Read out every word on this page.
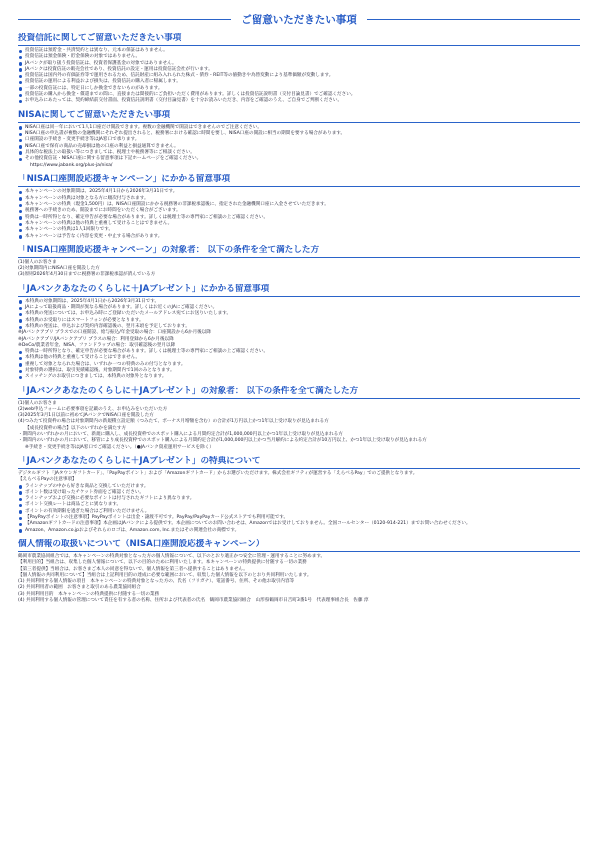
ご留意いただきたい事項
投資信託に関してご留意いただきたい事項
投資信託は預貯金・共済契約とは異なり、元本の保証はありません。
投資信託は預金保険・貯金保険の対象ではありません。
JAバンクが取り扱う投資信託は、投資者保護基金の対象ではありません。
JAバンクは投資信託の販売会社であり、投資信託の設定・運用は投資信託会社が行います。
投資信託は国内外の有価証券等で運用されるため、信託財産に組み入れられた株式・債券・REIT等の値動きや為替変動により基準価額が変動します。
投資信託の運用による利益および損失は、投資信託の購入者に帰属します。
一部の投資信託には、特定日にしか換金できないものがあります。
投資信託の購入から換金・償還までの間に、直接または間接的にご負担いただく費用があります。詳しくは投資信託説明書（交付目論見書）でご確認ください。
お申込みにあたっては、契約締結前交付書面、投資信託説明書（交付目論見書）を十分お読みいただき、内容をご確認のうえ、ご自身でご判断ください。
NISAに関してご留意いただきたい事項
NISA口座は同一年において1人1口座だけ開設できます。複数の金融機関で開設はできませんのでご注意ください。
NISA口座の申込書が複数の金融機関にそれぞれ提出されると、税務署における確認に時間を要し、NISA口座の開設に相当の期間を要する場合があります。
口座開設の手続き・変更手続き等はJA窓口で承ります。
NISA口座で保有の商品の売却損は他の口座の利益と損益通算できません。
具体的な税法上の取扱い等につきましては、税理士や税務署等にご相談ください。
その他投資信託・NISA口座に関する留意事項は下記ホームページをご確認ください。
https://www.jabank.org/plus-ja/nisa/
「NISA口座開設応援キャンペーン」にかかる留意事項
本キャンペーンの対象期間は、2025年4月1日から2026年3月31日です。
本キャンペーンの特典は対象となる方に順次付与されます。
本キャンペーンの特典（現金1,500円）は、NISA口座開設にかかる税務署の非課税承認後に、指定された金融機関口座に入金させていただきます。
税務署への手続きのため、開設までにお時間をいただく場合がございます。
特典は一時所得となり、確定申告が必要な場合があります。詳しくは税理士等の専門家にご相談の上ご確認ください。
本キャンペーンの特典は他の特典と重複して受けることはできません。
本キャンペーンの特典は1人1回限りです。
本キャンペーンは予告なく内容を変更・中止する場合があります。
「NISA口座開設応援キャンペーン」の対象者： 以下の条件を全て満たした方
(1)個人のお客さま
(2)対象期間内にNISA口座を開設した方
(3)原則2026年4月30日までに税務署の非課税承認が済んでいる方
「JAバンクあなたのくらしに＋JAプレゼント」にかかる留意事項
本特典の対象期間は、2025年4月1日から2026年3月31日です。
JAによって取扱商品・期間が異なる場合があります。詳しくはお近くのJAにご確認ください。
本特典の発送については、お申込み時にご登録いただいたメールアドレス宛てにお送りいたします。
本特典のお受取りにはスマートフォンが必要となります。
本特典の発送は、申込および契約内容確認後の、翌月末頃を予定しております。
※JAバンクアプリ プラスでの口座開設、給与振込/年金受取の場合：口座開設から6か月後以降
※JAバンクアプリ/JAバンクアプリ プラスの場合：利用登録から6か月後以降
※DeCo/農業者年金、NISA、ファンドラップの場合：取引確認後の翌月以降
特典は一時所得となり、確定申告が必要な場合があります。詳しくは税理士等の専門家にご相談の上ご確認ください。
本特典は他の特典と重複して受けることはできません。
重複して対象となられた場合は、いずれか一つの特典のみの付与となります。
対象特典の選択は、取引実績確認後、対象期間内で1回のみとなります。
スイッチングのお取引につきましては、本特典の対象外となります。
「JAバンクあなたのくらしに＋JAプレゼント」の対象者： 以下の条件を全て満たした方
(1)個人のお客さま
(2)web申込フォームに必要事項を記載のうえ、お申込みをいただいた方
(3)2025年3月1日以前に初めてJAバンクでNISA口座を開設した方
(4)つみたて投資枠の場合は対象期間内の新規積立設定額（つみたて、ボーナス月増額を含む）の合計が1万円以上かつ1年以上受け取りが見込まれる方
【成長投資枠の場合】以下のいずれかを満たす方
・期間内のいずれかの月において、新規に購入し、成長投資枠でのスポット購入による月間約定合計が1,000,000円以上かつ1年以上受け取りが見込まれる方
・期間内のいずれかの月において、移管により成長投資枠でのスポット購入による月間約定合計が1,000,000円以上かつ当月解約による約定合計が10万円以上、かつ1年以上受け取りが見込まれる方
※手続き・変更手続き等はJA窓口でご確認ください。（●JAバンク資産運用サービスを除く）
「JAバンクあなたのくらしに＋JAプレゼント」の特典について
デジタルギフト「JAタウンギフトカード」、「PayPayポイント」および「Amazonギフトカード」からお選びいただけます。株式会社ギフティが運営する「えらべるPay」でのご提供となります。
【えらべるPayの注意事項】
ラインナップの中から好きな商品と交換していただけます。
ポイント数は受け取ったチケット券面をご確認ください。
ラインナップおよび交換に必要なポイントは付与されたギフトにより異なります。
ポイント交換レートは商品ごとに異なります。
ポイントの有効期限を過ぎた場合はご利用いただけません。
【PayPayポイントの注意事項】PayPayポイントは出金・譲渡不可です。PayPay/PayPayカード公式ストアでも利用可能です。
【Amazonギフトカードの注意事項】本企画はJAバンクによる提供です。本企画についてのお問い合わせは、Amazonではお受けしておりません。全国コールセンター（0120-914-221）までお問い合わせください。
Amazon、Amazon.co.jpおよびそれらのロゴは、Amazon.com, Inc.またはその関連会社の商標です。
個人情報の取扱いについて（NISA口座開設応援キャンペーン）
鶴岡市農業協同組合では、本キャンペーンの特典対象となった方の個人情報について、以下のとおり適正かつ安全に管理・運用することに努めます。
【利用目的】当組合は、収集した個人情報について、以下の目的のために利用いたします。本キャンペーンの特典提供に付随する一切の業務
【第三者提供】当組合は、お客さまご本人の同意を得ないで、個人情報を第三者へ提供することはありません。
【個人情報の共同利用について】当組合は上記利用目的の達成に必要な範囲において、収集した個人情報を以下のとおり共同利用いたします。
(1) 共同利用する個人情報の項目　本キャンペーンの特典対象となった方の、氏名（フリガナ）、電話番号、住所、その他お取引内容等
(2) 共同利用者の範囲　お客さまと取引のある農業協同組合
(3) 共同利用目的　本キャンペーンの特典提供に付随する一切の業務
(4) 共同利用する個人情報の管理について責任を有する者の名称、住所および代表者の氏名　鶴岡市農業協同組合　山形県鶴岡市日吉町3番1号　代表理事組合長　佐藤 淳
